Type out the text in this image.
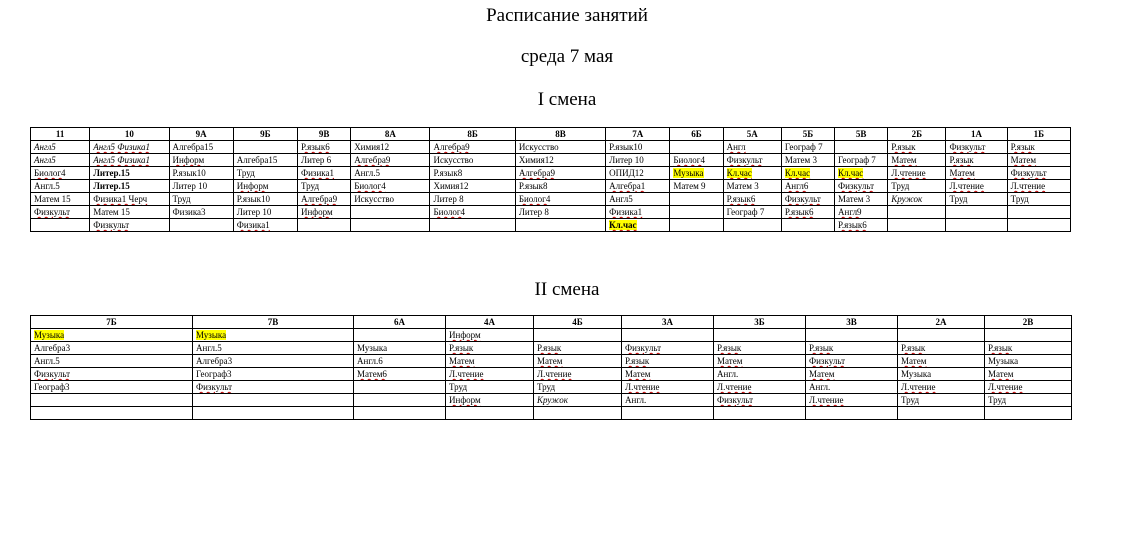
Расписание занятий
среда 7 мая
I смена
11	10	9А	9Б	9В	8А	8Б	8В	7А	6Б	5А	5Б	5В	2Б	1А	1Б
Англ5	Англ5 Физика1	Алгебра15		Р.язык6	Химия12	Алгебра9	Искусство	Р.язык10		Англ	Географ 7		Р.язык	Физкульт	Р.язык
Англ5	Англ5 Физика1	Информ	Алгебра15	Литер 6	Алгебра9	Искусство	Химия12	Литер 10	Биолог4	Физкульт	Матем 3	Географ 7	Матем	Р.язык	Матем
Биолог4	Литер.15	Р.язык10	Труд	Физика1	Англ.5	Р.язык8	Алгебра9	ОПИД12	Музыка	Кл.час	Кл.час	Кл.час	Л.чтение	Матем	Физкульт
Англ.5	Литер.15	Литер 10	Информ	Труд	Биолог4	Химия12	Р.язык8	Алгебра1	Матем 9	Матем 3	Англ6	Физкульт	Труд	Л.чтение	Л.чтение
Матем 15	Физика1 Черч	Труд	Р.язык10	Алгебра9	Искусство	Литер 8	Биолог4	Англ5		Р.язык6	Физкульт	Матем 3	Кружок	Труд	Труд
Физкульт	Матем 15	Физика3	Литер 10	Информ		Биолог4	Литер 8	Физика1		Географ 7	Р.язык6	Англ9			
	Физкульт		Физика1					Кл.час				Р.язык6			
II смена
7Б	7В	6А	4А	4Б	3А	3Б	3В	2А	2В
Музыка	Музыка		Информ						
Алгебра3	Англ.5	Музыка	Р.язык	Р.язык	Физкульт	Р.язык	Р.язык	Р.язык	Р.язык
Англ.5	Алгебра3	Англ.6	Матем	Матем	Р.язык	Матем	Физкульт	Матем	Музыка
Физкульт	Географ3	Матем6	Л.чтение	Л.чтение	Матем	Англ.	Матем	Музыка	Матем
Географ3	Физкульт		Труд	Труд	Л.чтение	Л.чтение	Англ.	Л.чтение	Л.чтение
			Информ	Кружок	Англ.	Физкульт	Л.чтение	Труд	Труд
